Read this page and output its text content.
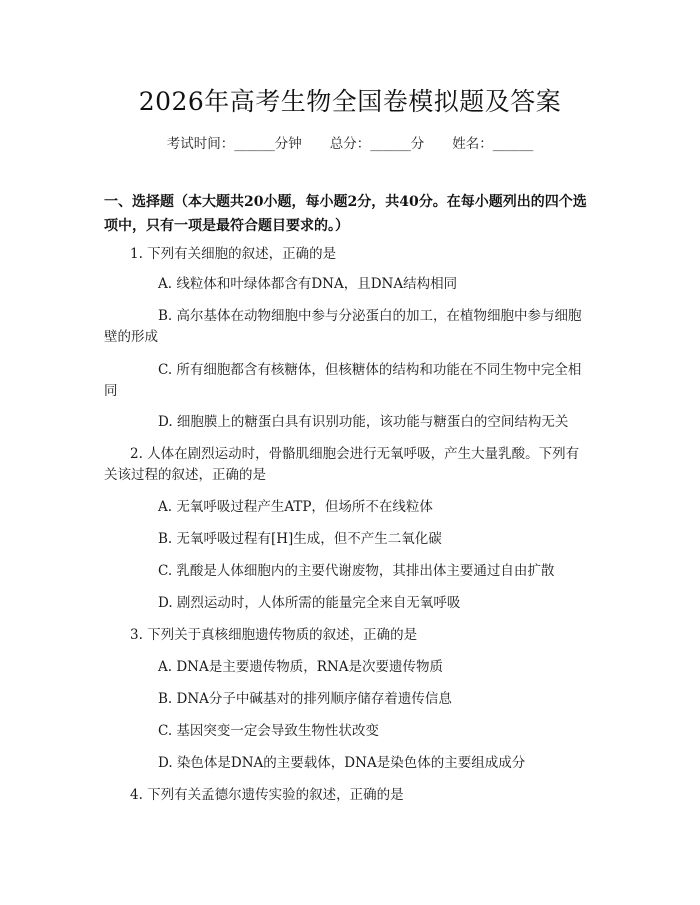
2026年高考生物全国卷模拟题及答案
考试时间：______分钟 总分：______分 姓名：______
一、选择题（本大题共20小题，每小题2分，共40分。在每小题列出的四个选项中，只有一项是最符合题目要求的。）
1. 下列有关细胞的叙述，正确的是
A. 线粒体和叶绿体都含有DNA，且DNA结构相同
B. 高尔基体在动物细胞中参与分泌蛋白的加工，在植物细胞中参与细胞
壁的形成
C. 所有细胞都含有核糖体，但核糖体的结构和功能在不同生物中完全相
同
D. 细胞膜上的糖蛋白具有识别功能，该功能与糖蛋白的空间结构无关
2. 人体在剧烈运动时，骨骼肌细胞会进行无氧呼吸，产生大量乳酸。下列有
关该过程的叙述，正确的是
A. 无氧呼吸过程产生ATP，但场所不在线粒体
B. 无氧呼吸过程有[H]生成，但不产生二氧化碳
C. 乳酸是人体细胞内的主要代谢废物，其排出体主要通过自由扩散
D. 剧烈运动时，人体所需的能量完全来自无氧呼吸
3. 下列关于真核细胞遗传物质的叙述，正确的是
A. DNA是主要遗传物质，RNA是次要遗传物质
B. DNA分子中碱基对的排列顺序储存着遗传信息
C. 基因突变一定会导致生物性状改变
D. 染色体是DNA的主要载体，DNA是染色体的主要组成成分
4. 下列有关孟德尔遗传实验的叙述，正确的是
